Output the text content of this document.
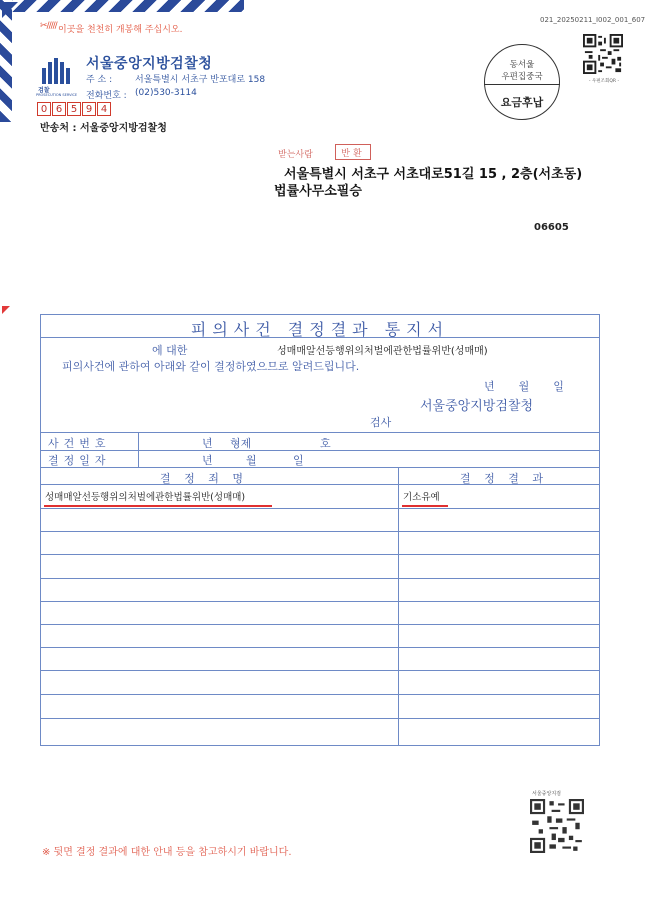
✂///// 이곳을 천천히 개봉해 주십시오.
021_20250211_I002_001_607
검찰
PROSECUTION SERVICE
서울중앙지방검찰청
주 소 :	서울특별시 서초구 반포대로 158
전화번호 : (02)530-3114
0 6 5 9 4
반송처 : 서울중앙지방검찰청
동서울
우편집중국
요금후납
- 우편조회QR -
받는사람	반환
서울특별시 서초구 서초대로51길 15 , 2층(서초동)
법률사무소필승
06605
피의사건 결정결과 통지서
에 대한	성매매알선등행위의처벌에관한법률위반(성매매)
피의사건에 관하여 아래와 같이 결정하였으므로 알려드립니다.
년 월 일
서울중앙지방검찰청
검사
사건번호	년 형제	호
결정일자	년	월	일
결 정 죄 명	결 정 결 과
성매매알선등행위의처벌에관한법률위반(성매매)	기소유예
서울중앙지검
※ 뒷면 결정 결과에 대한 안내 등을 참고하시기 바랍니다.
